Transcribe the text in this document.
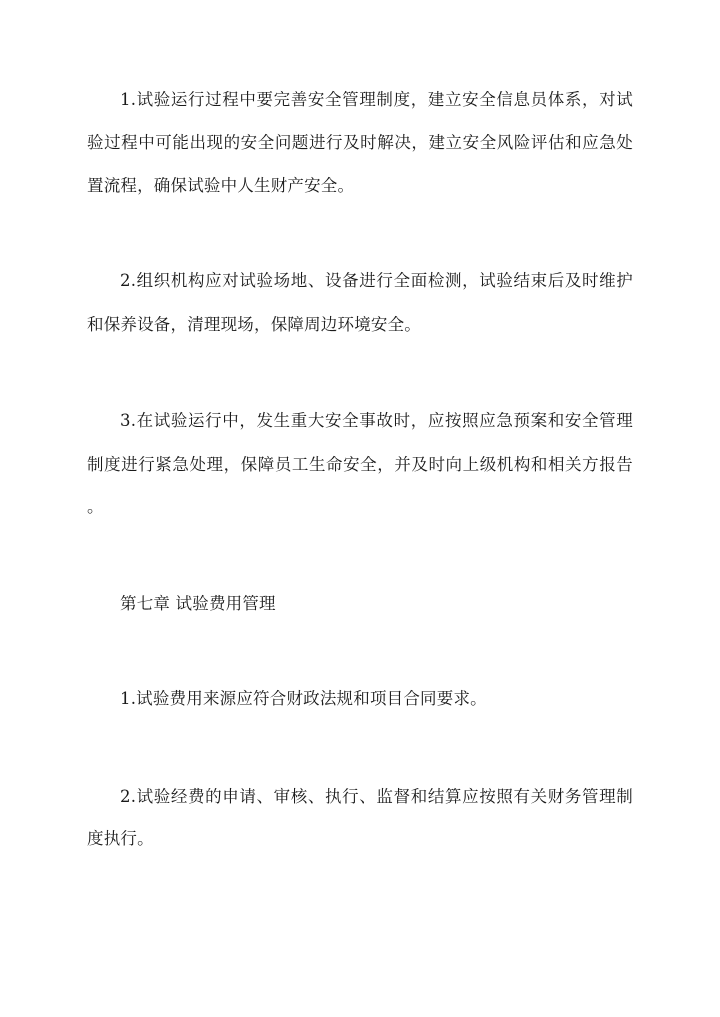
1.试验运行过程中要完善安全管理制度，建立安全信息员体系，对试
验过程中可能出现的安全问题进行及时解决，建立安全风险评估和应急处
置流程，确保试验中人生财产安全。
2.组织机构应对试验场地、设备进行全面检测，试验结束后及时维护
和保养设备，清理现场，保障周边环境安全。
3.在试验运行中，发生重大安全事故时，应按照应急预案和安全管理
制度进行紧急处理，保障员工生命安全，并及时向上级机构和相关方报告
。
第七章 试验费用管理
1.试验费用来源应符合财政法规和项目合同要求。
2.试验经费的申请、审核、执行、监督和结算应按照有关财务管理制
度执行。
